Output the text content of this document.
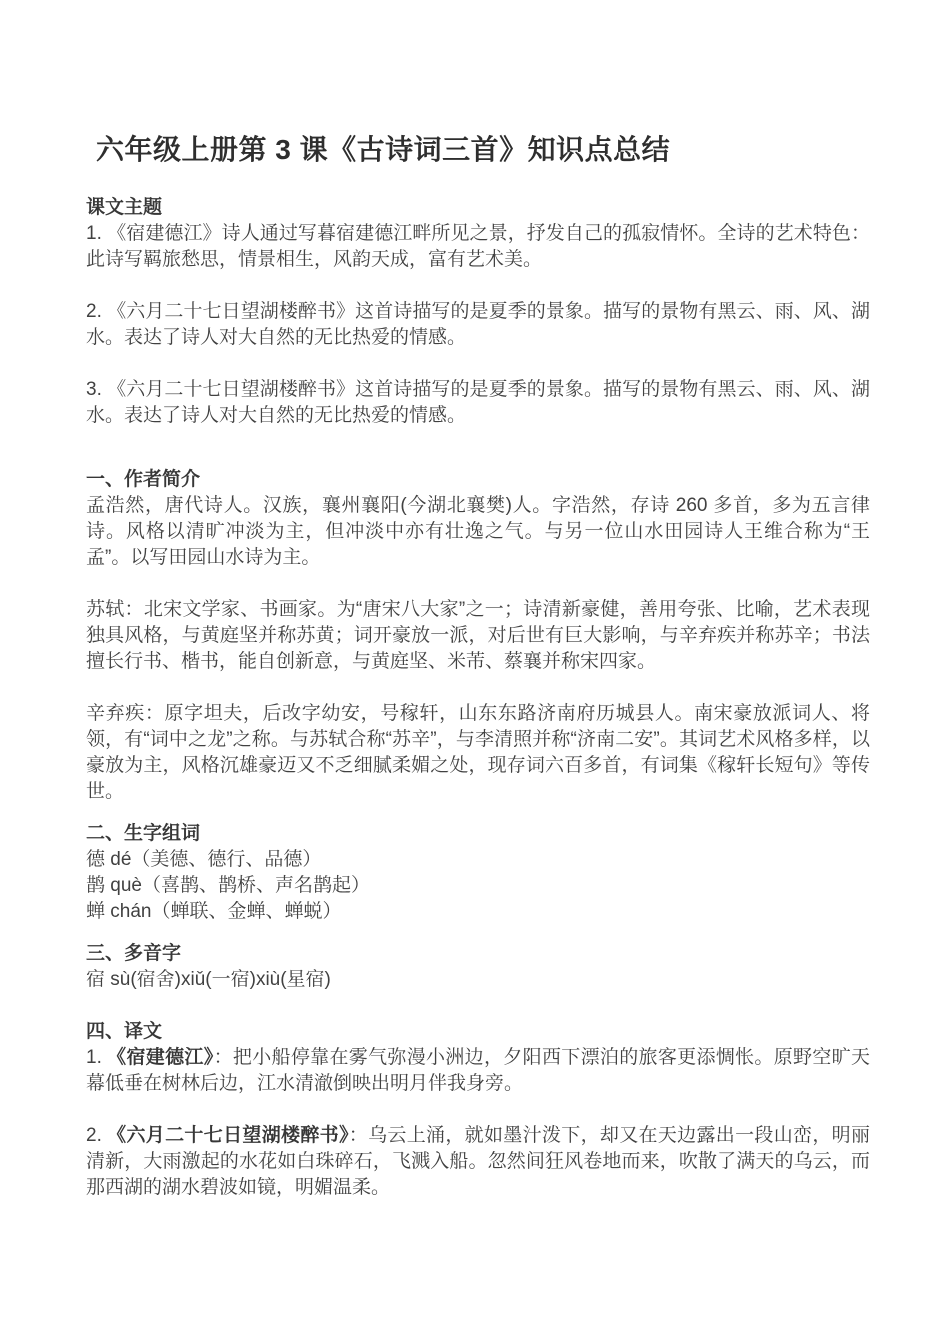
六年级上册第 3 课《古诗词三首》知识点总结
课文主题

1. 《宿建德江》诗人通过写暮宿建德江畔所见之景，抒发自己的孤寂情怀。全诗的艺术特色：此诗写羁旅愁思，情景相生，风韵天成，富有艺术美。

2. 《六月二十七日望湖楼醉书》这首诗描写的是夏季的景象。描写的景物有黑云、雨、风、湖水。表达了诗人对大自然的无比热爱的情感。

3. 《六月二十七日望湖楼醉书》这首诗描写的是夏季的景象。描写的景物有黑云、雨、风、湖水。表达了诗人对大自然的无比热爱的情感。

一、作者简介

孟浩然，唐代诗人。汉族，襄州襄阳(今湖北襄樊)人。字浩然，存诗 260 多首，多为五言律诗。风格以清旷冲淡为主，但冲淡中亦有壮逸之气。与另一位山水田园诗人王维合称为“王孟”。以写田园山水诗为主。

苏轼：北宋文学家、书画家。为“唐宋八大家”之一；诗清新豪健，善用夸张、比喻，艺术表现独具风格，与黄庭坚并称苏黄；词开豪放一派，对后世有巨大影响，与辛弃疾并称苏辛；书法擅长行书、楷书，能自创新意，与黄庭坚、米芾、蔡襄并称宋四家。

辛弃疾：原字坦夫，后改字幼安，号稼轩，山东东路济南府历城县人。南宋豪放派词人、将领，有“词中之龙”之称。与苏轼合称“苏辛”，与李清照并称“济南二安”。其词艺术风格多样，以豪放为主，风格沉雄豪迈又不乏细腻柔媚之处，现存词六百多首，有词集《稼轩长短句》等传世。

二、生字组词

德 dé（美德、德行、品德）

鹊 què（喜鹊、鹊桥、声名鹊起）

蝉 chán（蝉联、金蝉、蝉蜕）

三、多音字

宿 sù(宿舍)xiǔ(一宿)xiù(星宿)

四、译文

1. 《宿建德江》：把小船停靠在雾气弥漫小洲边，夕阳西下漂泊的旅客更添惆怅。原野空旷天幕低垂在树林后边，江水清澈倒映出明月伴我身旁。

2. 《六月二十七日望湖楼醉书》：乌云上涌，就如墨汁泼下，却又在天边露出一段山峦，明丽清新，大雨激起的水花如白珠碎石，飞溅入船。忽然间狂风卷地而来，吹散了满天的乌云，而那西湖的湖水碧波如镜，明媚温柔。
